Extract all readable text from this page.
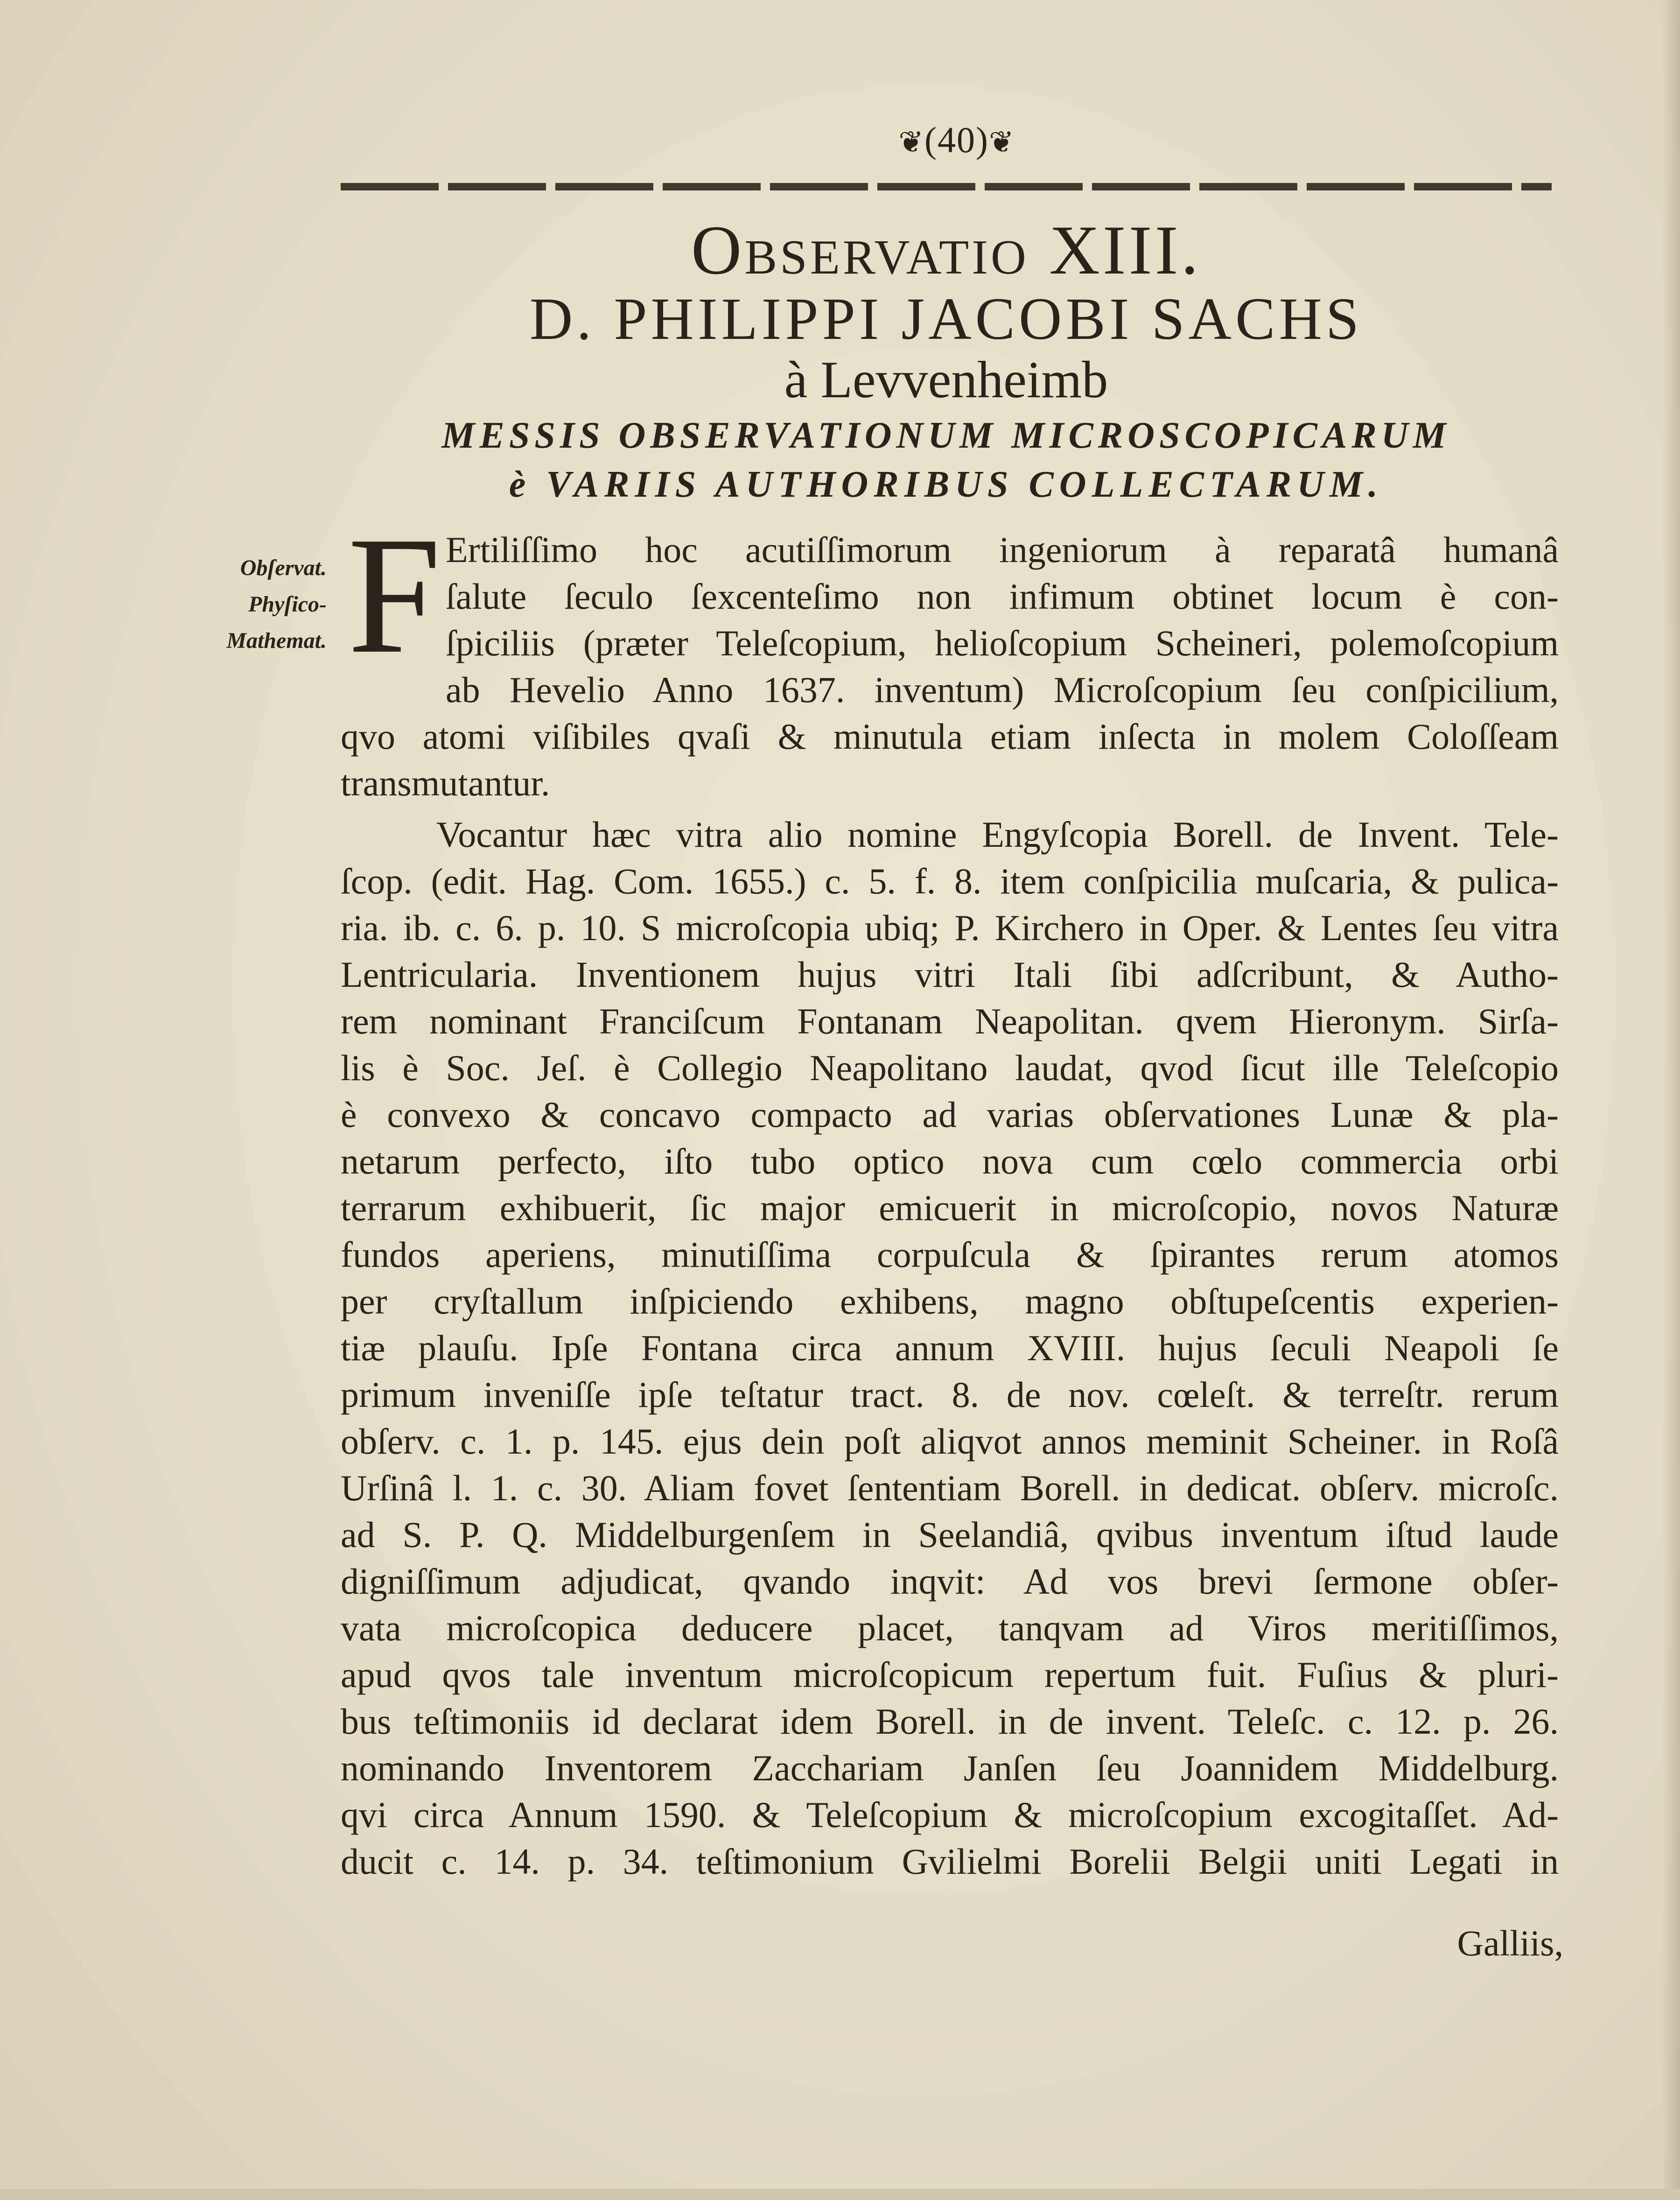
❦(40)❦
Observatio XIII.
D. PHILIPPI JACOBI SACHS
à Levvenheimb
MESSIS OBSERVATIONUM MICROSCOPICARUM
è VARIIS AUTHORIBUS COLLECTARUM.
Obſervat.
Phyſico-
Mathemat. F Ertiliſſimo hoc acutiſſimorum ingeniorum à reparatâ humanâ
ſalute ſeculo ſexcenteſimo non infimum obtinet locum è con-
ſpiciliis (præter Teleſcopium, helioſcopium Scheineri, polemoſcopium
ab Hevelio Anno 1637. inventum) Microſcopium ſeu conſpicilium,
qvo atomi viſibiles qvaſi & minutula etiam inſecta in molem Coloſſeam
transmutantur.
Vocantur hæc vitra alio nomine Engyſcopia Borell. de Invent. Tele-
ſcop. (edit. Hag. Com. 1655.) c. 5. f. 8. item conſpicilia muſcaria, & pulica-
ria. ib. c. 6. p. 10. S microſcopia ubiq; P. Kirchero in Oper. & Lentes ſeu vitra
Lentricularia. Inventionem hujus vitri Itali ſibi adſcribunt, & Autho-
rem nominant Franciſcum Fontanam Neapolitan. qvem Hieronym. Sirſa-
lis è Soc. Jeſ. è Collegio Neapolitano laudat, qvod ſicut ille Teleſcopio
è convexo & concavo compacto ad varias obſervationes Lunæ & pla-
netarum perfecto, iſto tubo optico nova cum cœlo commercia orbi
terrarum exhibuerit, ſic major emicuerit in microſcopio, novos Naturæ
fundos aperiens, minutiſſima corpuſcula & ſpirantes rerum atomos
per cryſtallum inſpiciendo exhibens, magno obſtupeſcentis experien-
tiæ plauſu. Ipſe Fontana circa annum XVIII. hujus ſeculi Neapoli ſe
primum inveniſſe ipſe teſtatur tract. 8. de nov. cœleſt. & terreſtr. rerum
obſerv. c. 1. p. 145. ejus dein poſt aliqvot annos meminit Scheiner. in Roſâ
Urſinâ l. 1. c. 30. Aliam fovet ſententiam Borell. in dedicat. obſerv. microſc.
ad S. P. Q. Middelburgenſem in Seelandiâ, qvibus inventum iſtud laude
digniſſimum adjudicat, qvando inqvit: Ad vos brevi ſermone obſer-
vata microſcopica deducere placet, tanqvam ad Viros meritiſſimos,
apud qvos tale inventum microſcopicum repertum fuit. Fuſius & pluri-
bus teſtimoniis id declarat idem Borell. in de invent. Teleſc. c. 12. p. 26.
nominando Inventorem Zacchariam Janſen ſeu Joannidem Middelburg.
qvi circa Annum 1590. & Teleſcopium & microſcopium excogitaſſet. Ad-
ducit c. 14. p. 34. teſtimonium Gvilielmi Borelii Belgii uniti Legati in
Galliis,
